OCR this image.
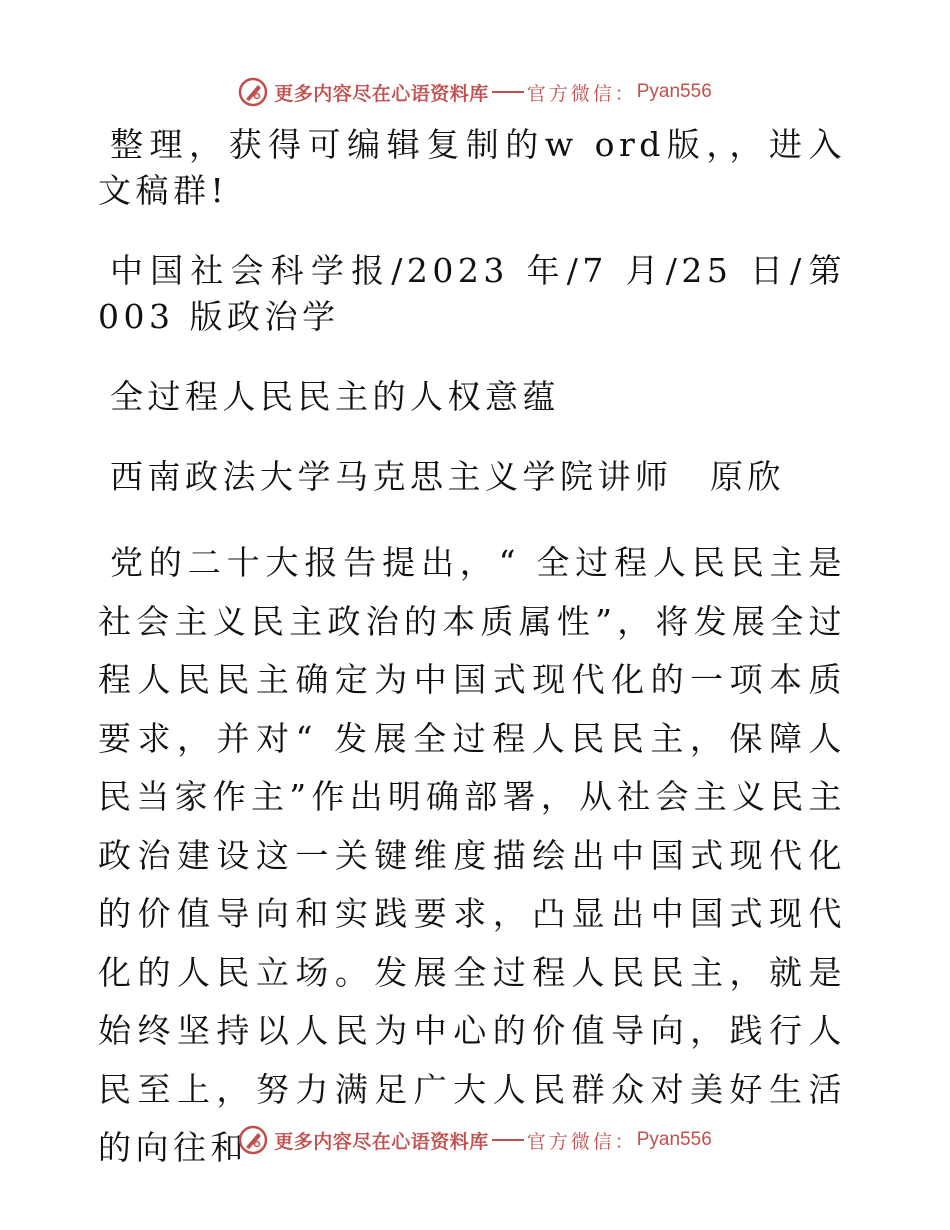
更多内容尽在心语资料库 官方微信： Pyan556

整理，获得可编辑复制的w ord版，，进入文稿群!

中国社会科学报/2023 年/7 月/25 日/第 003 版政治学

全过程人民民主的人权意蕴

西南政法大学马克思主义学院讲师　原欣

党的二十大报告提出，“ 全过程人民民主是社会主义民主政治的本质属性”，将发展全过程人民民主确定为中国式现代化的一项本质要求，并对“ 发展全过程人民民主，保障人民当家作主”作出明确部署，从社会主义民主政治建设这一关键维度描绘出中国式现代化的价值导向和实践要求，凸显出中国式现代化的人民立场。发展全过程人民民主，就是始终坚持以人民为中心的价值导向，践行人民至上，努力满足广大人民群众对美好生活的向往和	更多内容尽在心语资料库 官方微信： Pyan556
